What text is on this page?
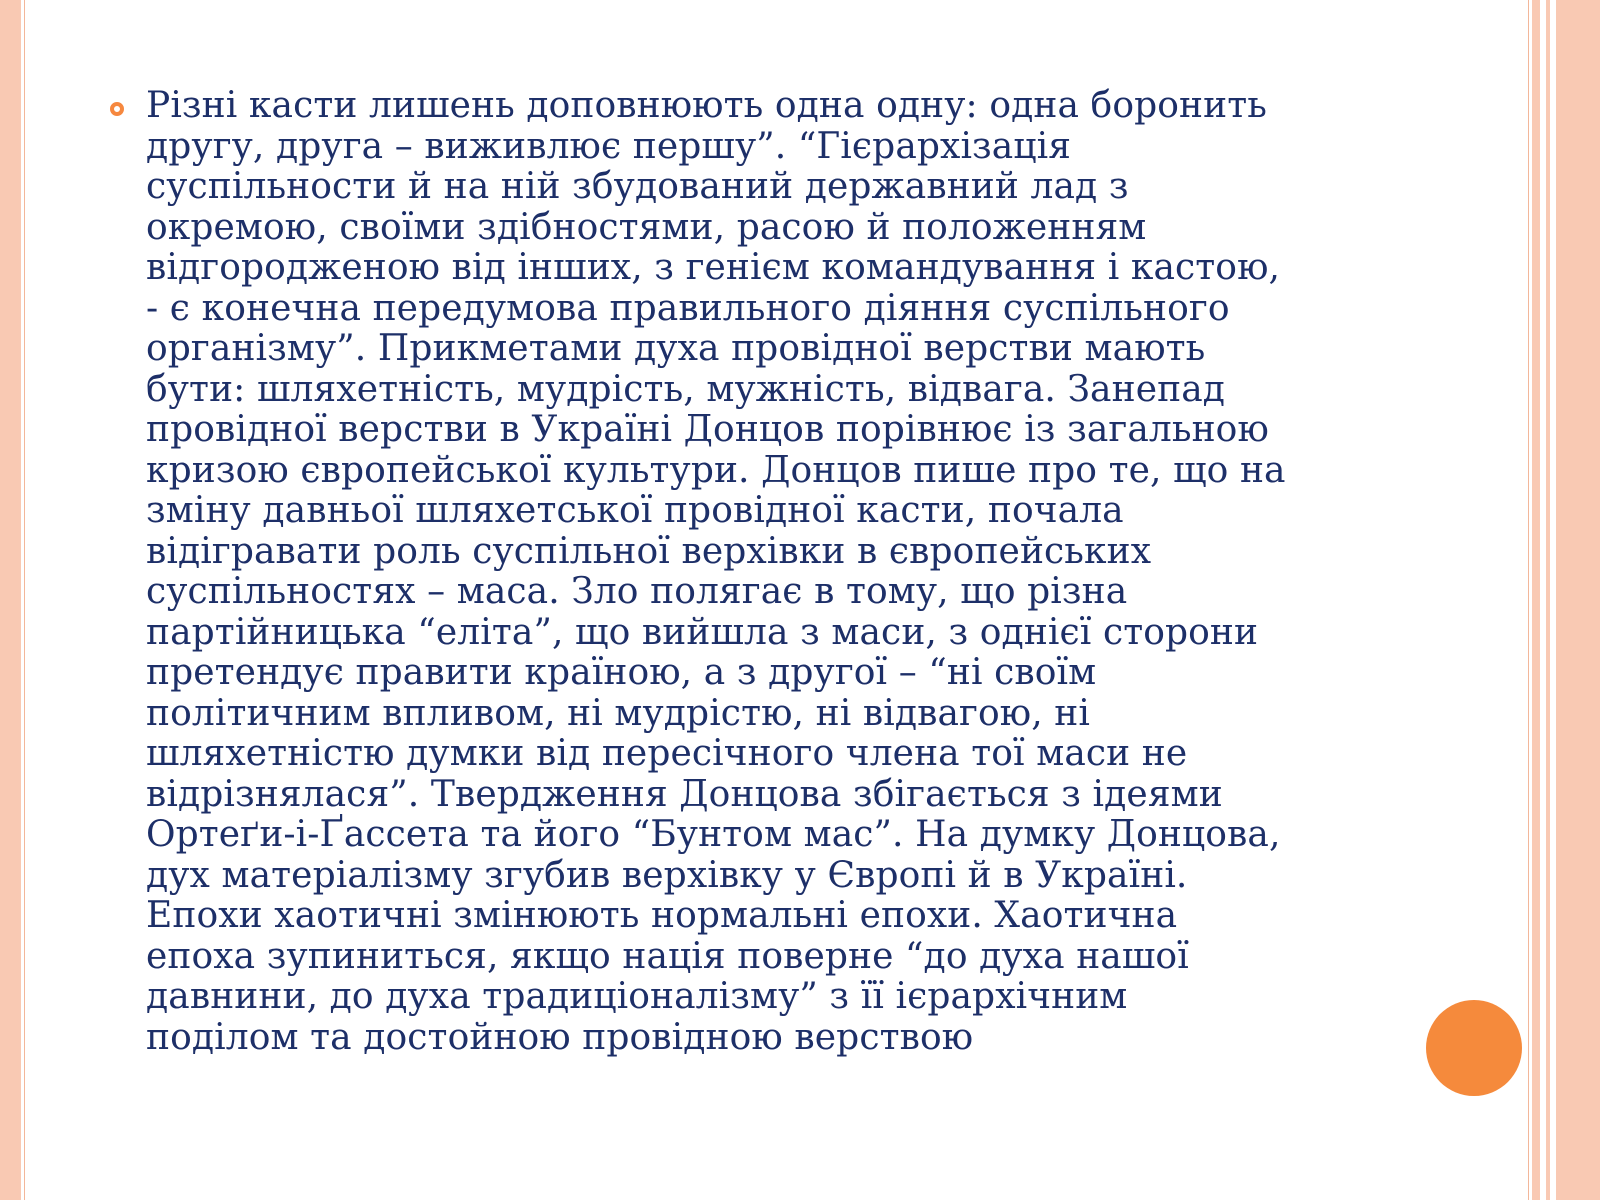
Різні касти лишень доповнюють одна одну: одна боронить
другу, друга – виживлює першу”. “Гієрархізація
суспільности й на ній збудований державний лад з
окремою, своїми здібностями, расою й положенням
відгороджeною від інших, з генієм командування і кастою,
- є конечна передумова правильного діяння суспільного
організму”. Прикметами духа провідної верстви мають
бути: шляхетність, мудрість, мужність, відвага. Занепад
провідної верстви в Україні Донцов порівнює із загальною
кризою європейської культури. Донцов пише про те, що на
зміну давньої шляхетської провідної касти, почала
відігравати роль суспільної верхівки в європейських
суспільностях – маса. Зло полягає в тому, що різна
партійницька “еліта”, що вийшла з маси, з однієї сторони
претендує правити країною, а з другої – “ні своїм
політичним впливом, ні мудрістю, ні відвагою, ні
шляхетністю думки від пересічного члена тої маси не
відрізнялася”. Твердження Донцова збігається з ідеями
Ортеґи-і-Ґассета та його “Бунтом мас”. На думку Донцова,
дух матеріалізму згубив верхівку у Європі й в Україні.
Епохи хаотичні змінюють нормальні епохи. Хаотична
епоха зупиниться, якщо нація поверне “до духа нашої
давнини, до духа традиціоналізму” з її ієрархічним
поділом та достойною провідною верствою
